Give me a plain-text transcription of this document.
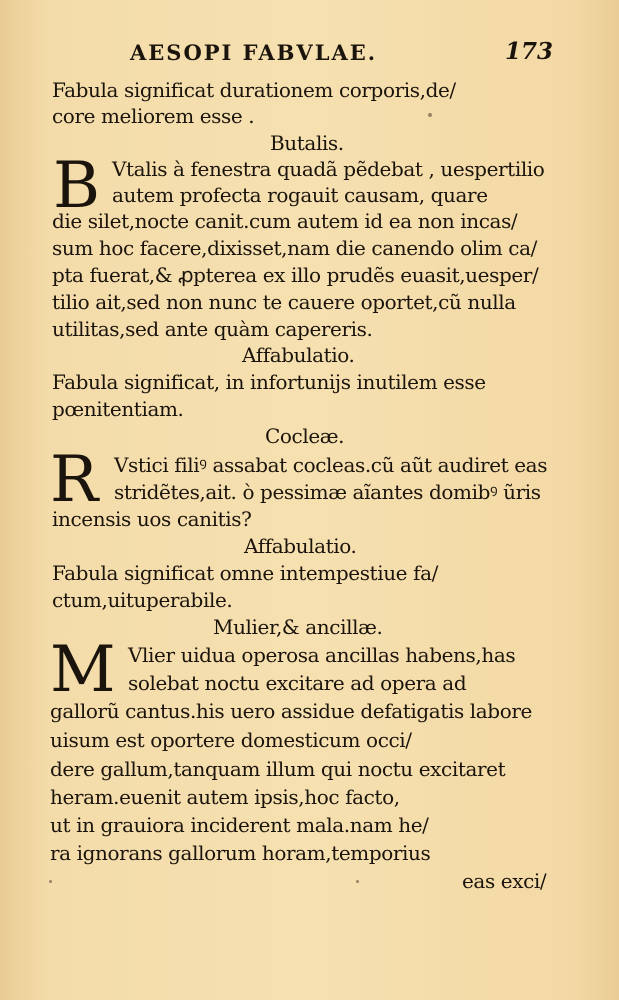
AESOPI FABVLAE.	173
Fabula significat durationem corporis,de/
core meliorem esse .
Butalis.
B Vtalis à fenestra quadã pẽdebat , uespertilio
autem profecta rogauit causam, quare
die silet,nocte canit.cum autem id ea non incas/
sum hoc facere,dixisset,nam die canendo olim ca/
pta fuerat,& ꝓpterea ex illo prudẽs euasit,uesper/
tilio ait,sed non nunc te cauere oportet,cũ nulla
utilitas,sed ante quàm capereris.
Affabulatio.
Fabula significat, in infortunijs inutilem esse
pœnitentiam.
Cocleæ.
R Vstici filiꝰ assabat cocleas.cũ aũt audiret eas
stridẽtes,ait. ò pessimæ aĩantes domibꝰ ũris
incensis uos canitis?
Affabulatio.
Fabula significat omne intempestiue fa/
ctum,uituperabile.
Mulier,& ancillæ.
M Vlier uidua operosa ancillas habens,has
solebat noctu excitare ad opera ad
gallorũ cantus.his uero assidue defatigatis labore
uisum est oportere domesticum occi/
dere gallum,tanquam illum qui noctu excitaret
heram.euenit autem ipsis,hoc facto,
ut in grauiora inciderent mala.nam he/
ra ignorans gallorum horam,temporius
eas exci/
